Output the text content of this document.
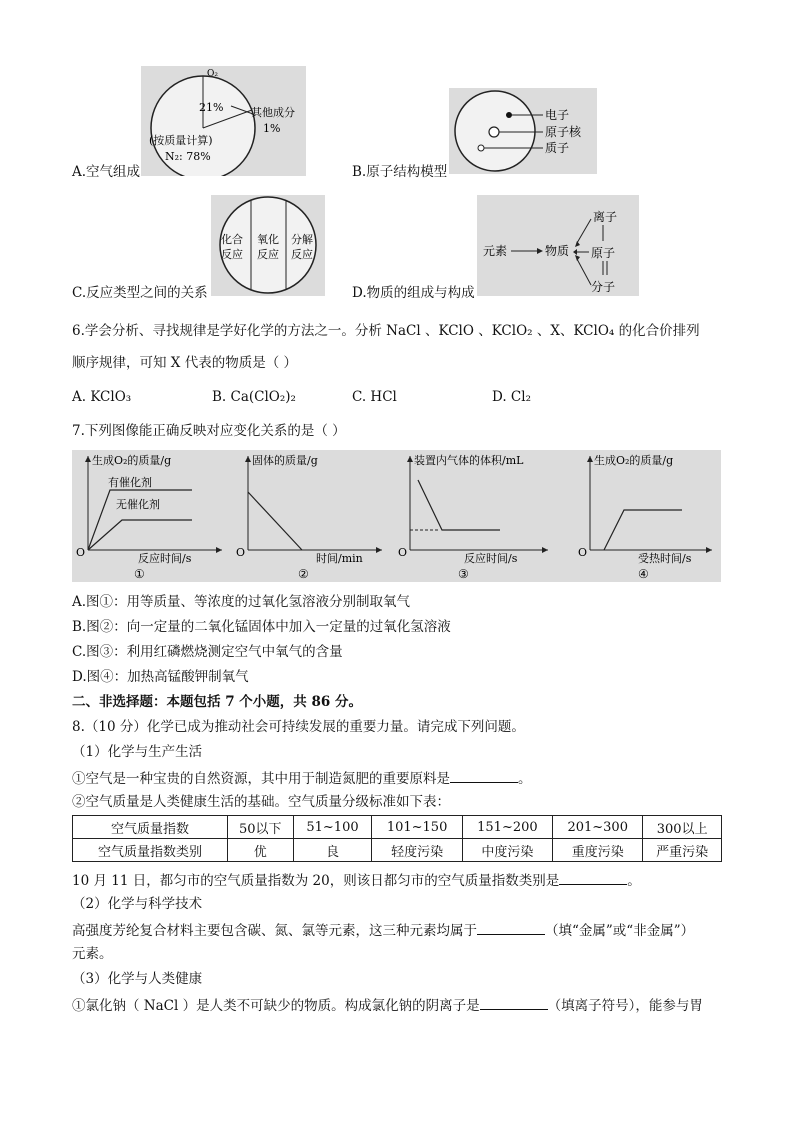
O₂
21%	其他成分
1%
(按质量计算)
N₂: 78%
A.空气组成
电子
原子核
质子
B.原子结构模型
化合
反应
氧化
反应
分解
反应
C.反应类型之间的关系
元素	物质
离子
原子
分子
D.物质的组成与构成
6.学会分析、寻找规律是学好化学的方法之一。分析 NaCl 、KClO 、KClO₂ 、X、KClO₄ 的化合价排列
顺序规律，可知 X 代表的物质是（ ）
A. KClO₃	B. Ca(ClO₂)₂	C. HCl	D. Cl₂
7.下列图像能正确反映对应变化关系的是（ ）
生成O₂的质量/g
有催化剂
无催化剂
O	反应时间/s
①
固体的质量/g
O	时间/min
②
装置内气体的体积/mL
O	反应时间/s
③
生成O₂的质量/g
O	受热时间/s
④
A.图①：用等质量、等浓度的过氧化氢溶液分别制取氧气
B.图②：向一定量的二氧化锰固体中加入一定量的过氧化氢溶液
C.图③：利用红磷燃烧测定空气中氧气的含量
D.图④：加热高锰酸钾制氧气
二、非选择题：本题包括 7 个小题，共 86 分。
8.（10 分）化学已成为推动社会可持续发展的重要力量。请完成下列问题。
（1）化学与生产生活
①空气是一种宝贵的自然资源，其中用于制造氮肥的重要原料是	。
②空气质量是人类健康生活的基础。空气质量分级标准如下表：
空气质量指数	50以下	51~100	101~150	151~200	201~300	300以上
空气质量指数类别	优	良	轻度污染	中度污染	重度污染	严重污染
10 月 11 日，都匀市的空气质量指数为 20，则该日都匀市的空气质量指数类别是	。
（2）化学与科学技术
高强度芳纶复合材料主要包含碳、氮、氯等元素，这三种元素均属于	（填“金属”或“非金属”）
元素。
（3）化学与人类健康
①氯化钠（ NaCl ）是人类不可缺少的物质。构成氯化钠的阴离子是	（填离子符号），能参与胃
